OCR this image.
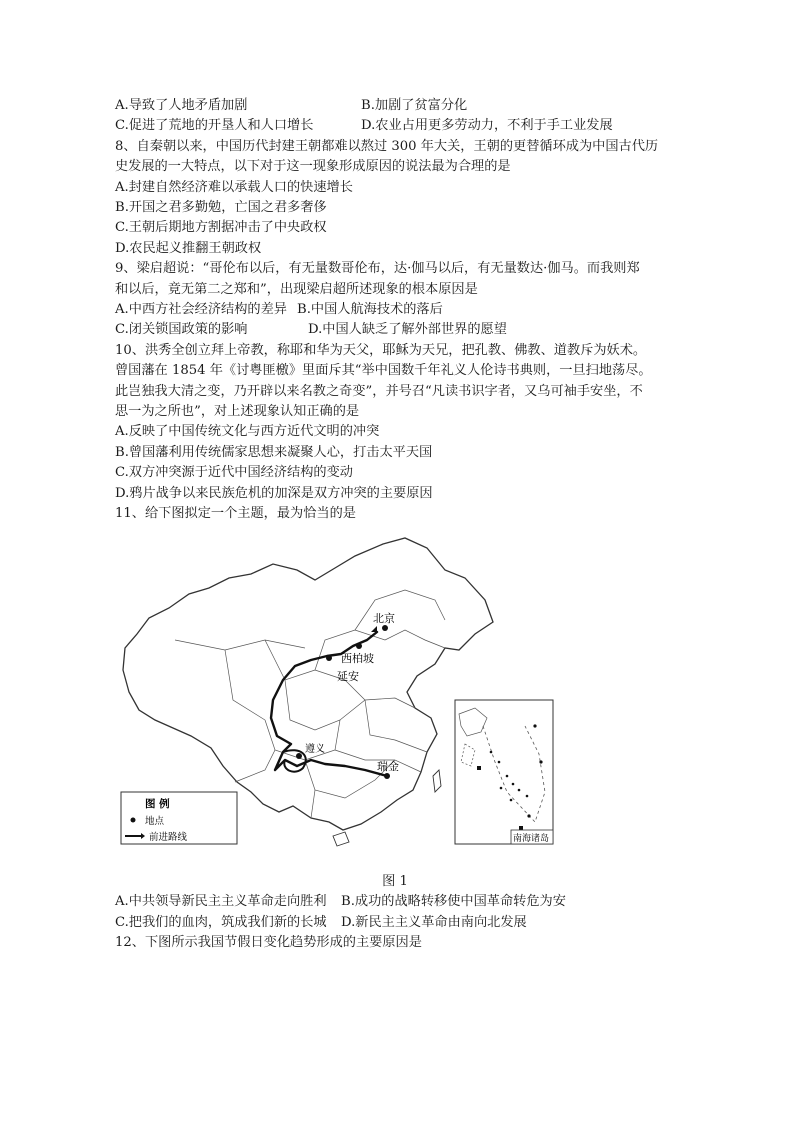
A.导致了人地矛盾加剧	B.加剧了贫富分化
C.促进了荒地的开垦人和人口增长	D.农业占用更多劳动力，不利于手工业发展
8、自秦朝以来，中国历代封建王朝都难以熬过 300 年大关，王朝的更替循环成为中国古代历
史发展的一大特点，以下对于这一现象形成原因的说法最为合理的是
A.封建自然经济难以承载人口的快速增长
B.开国之君多勤勉，亡国之君多奢侈
C.王朝后期地方割据冲击了中央政权
D.农民起义推翻王朝政权
9、梁启超说：“哥伦布以后，有无量数哥伦布，达·伽马以后，有无量数达·伽马。而我则郑
和以后，竟无第二之郑和”，出现梁启超所述现象的根本原因是
A.中西方社会经济结构的差异 B.中国人航海技术的落后
C.闭关锁国政策的影响	D.中国人缺乏了解外部世界的愿望
10、洪秀全创立拜上帝教，称耶和华为天父，耶稣为天兄，把孔教、佛教、道教斥为妖术。
曾国藩在 1854 年《讨粤匪檄》里面斥其“举中国数千年礼义人伦诗书典则，一旦扫地荡尽。
此岂独我大清之变，乃开辟以来名教之奇变”，并号召“凡读书识字者，又乌可袖手安坐，不
思一为之所也”，对上述现象认知正确的是
A.反映了中国传统文化与西方近代文明的冲突
B.曾国藩利用传统儒家思想来凝聚人心，打击太平天国
C.双方冲突源于近代中国经济结构的变动
D.鸦片战争以来民族危机的加深是双方冲突的主要原因
11、给下图拟定一个主题，最为恰当的是
北京
西柏坡
延安
遵义
瑞金
图 例
地点
前进路线	南海诸岛
图 1
A.中共领导新民主主义革命走向胜利 B.成功的战略转移使中国革命转危为安
C.把我们的血肉，筑成我们新的长城 D.新民主主义革命由南向北发展
12、下图所示我国节假日变化趋势形成的主要原因是
